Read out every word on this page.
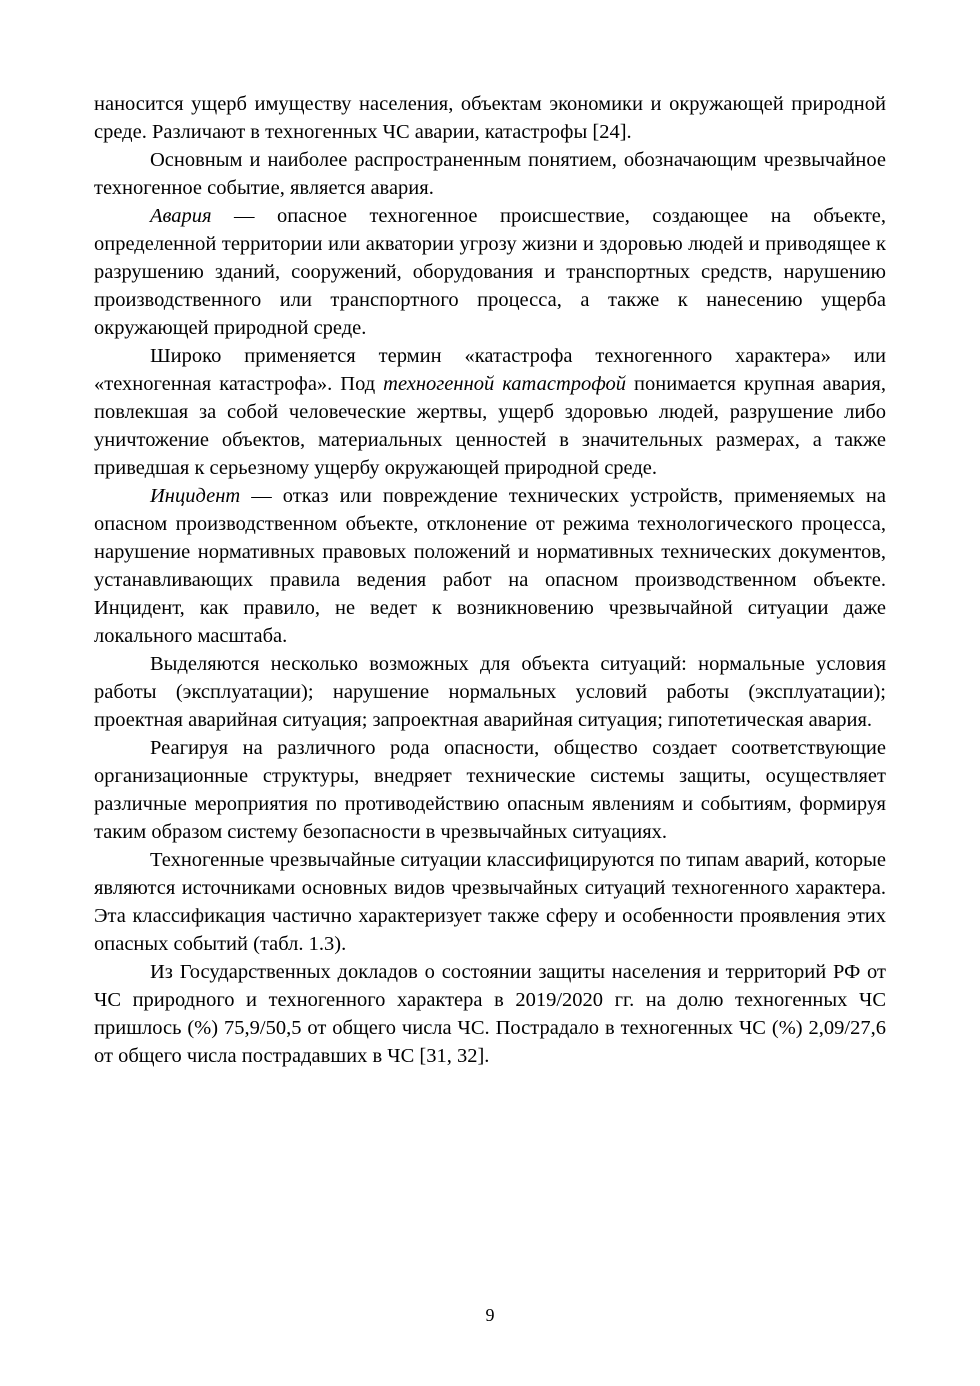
наносится ущерб имуществу населения, объектам экономики и окружающей природной среде. Различают в техногенных ЧС аварии, катастрофы [24].

Основным и наиболее распространенным понятием, обозначающим чрезвычайное техногенное событие, является авария.

Авария — опасное техногенное происшествие, создающее на объекте, определенной территории или акватории угрозу жизни и здоровью людей и приводящее к разрушению зданий, сооружений, оборудования и транспортных средств, нарушению производственного или транспортного процесса, а также к нанесению ущерба окружающей природной среде.

Широко применяется термин «катастрофа техногенного характера» или «техногенная катастрофа». Под техногенной катастрофой понимается крупная авария, повлекшая за собой человеческие жертвы, ущерб здоровью людей, разрушение либо уничтожение объектов, материальных ценностей в значительных размерах, а также приведшая к серьезному ущербу окружающей природной среде.

Инцидент — отказ или повреждение технических устройств, применяемых на опасном производственном объекте, отклонение от режима технологического процесса, нарушение нормативных правовых положений и нормативных технических документов, устанавливающих правила ведения работ на опасном производственном объекте. Инцидент, как правило, не ведет к возникновению чрезвычайной ситуации даже локального масштаба.

Выделяются несколько возможных для объекта ситуаций: нормальные условия работы (эксплуатации); нарушение нормальных условий работы (эксплуатации); проектная аварийная ситуация; запроектная аварийная ситуация; гипотетическая авария.

Реагируя на различного рода опасности, общество создает соответствующие организационные структуры, внедряет технические системы защиты, осуществляет различные мероприятия по противодействию опасным явлениям и событиям, формируя таким образом систему безопасности в чрезвычайных ситуациях.

Техногенные чрезвычайные ситуации классифицируются по типам аварий, которые являются источниками основных видов чрезвычайных ситуаций техногенного характера. Эта классификация частично характеризует также сферу и особенности проявления этих опасных событий (табл. 1.3).

Из Государственных докладов о состоянии защиты населения и территорий РФ от ЧС природного и техногенного характера в 2019/2020 гг. на долю техногенных ЧС пришлось (%) 75,9/50,5 от общего числа ЧС. Пострадало в техногенных ЧС (%) 2,09/27,6 от общего числа пострадавших в ЧС [31, 32].

9
